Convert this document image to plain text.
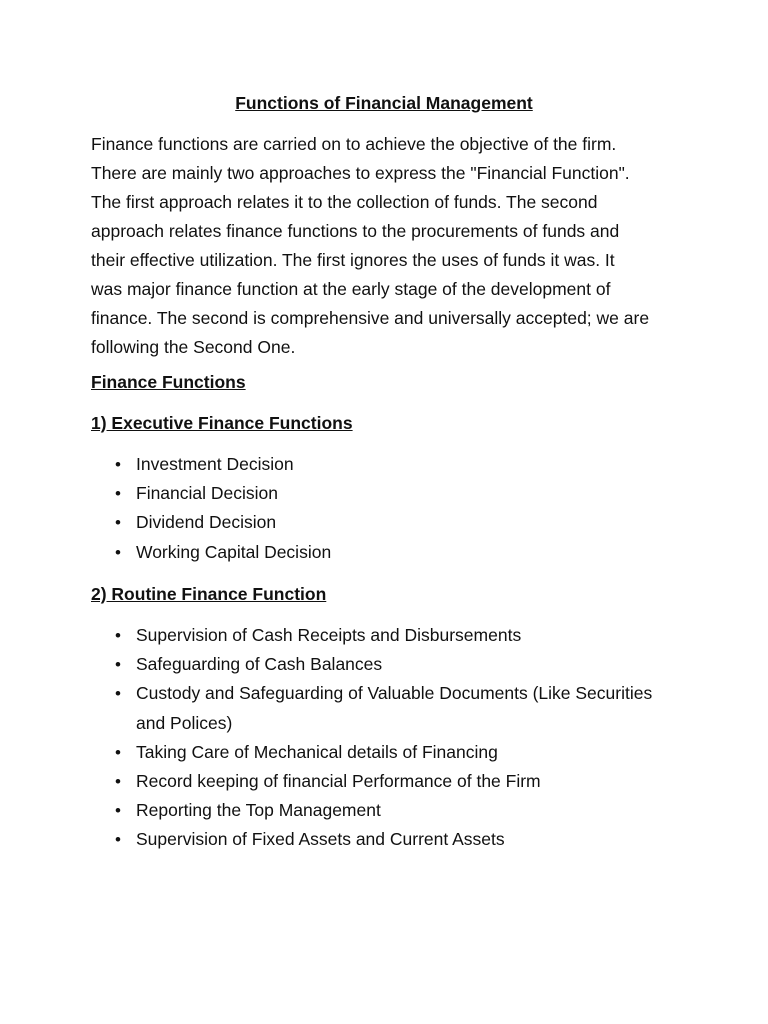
Functions of Financial Management

Finance functions are carried on to achieve the objective of the firm.
There are mainly two approaches to express the "Financial Function".
The first approach relates it to the collection of funds. The second
approach relates finance functions to the procurements of funds and
their effective utilization. The first ignores the uses of funds it was. It
was major finance function at the early stage of the development of
finance. The second is comprehensive and universally accepted; we are
following the Second One.

Finance Functions
1) Executive Finance Functions
• Investment Decision
• Financial Decision
• Dividend Decision
• Working Capital Decision
2) Routine Finance Function
• Supervision of Cash Receipts and Disbursements
• Safeguarding of Cash Balances
• Custody and Safeguarding of Valuable Documents (Like Securities
and Polices)
• Taking Care of Mechanical details of Financing
• Record keeping of financial Performance of the Firm
• Reporting the Top Management
• Supervision of Fixed Assets and Current Assets
